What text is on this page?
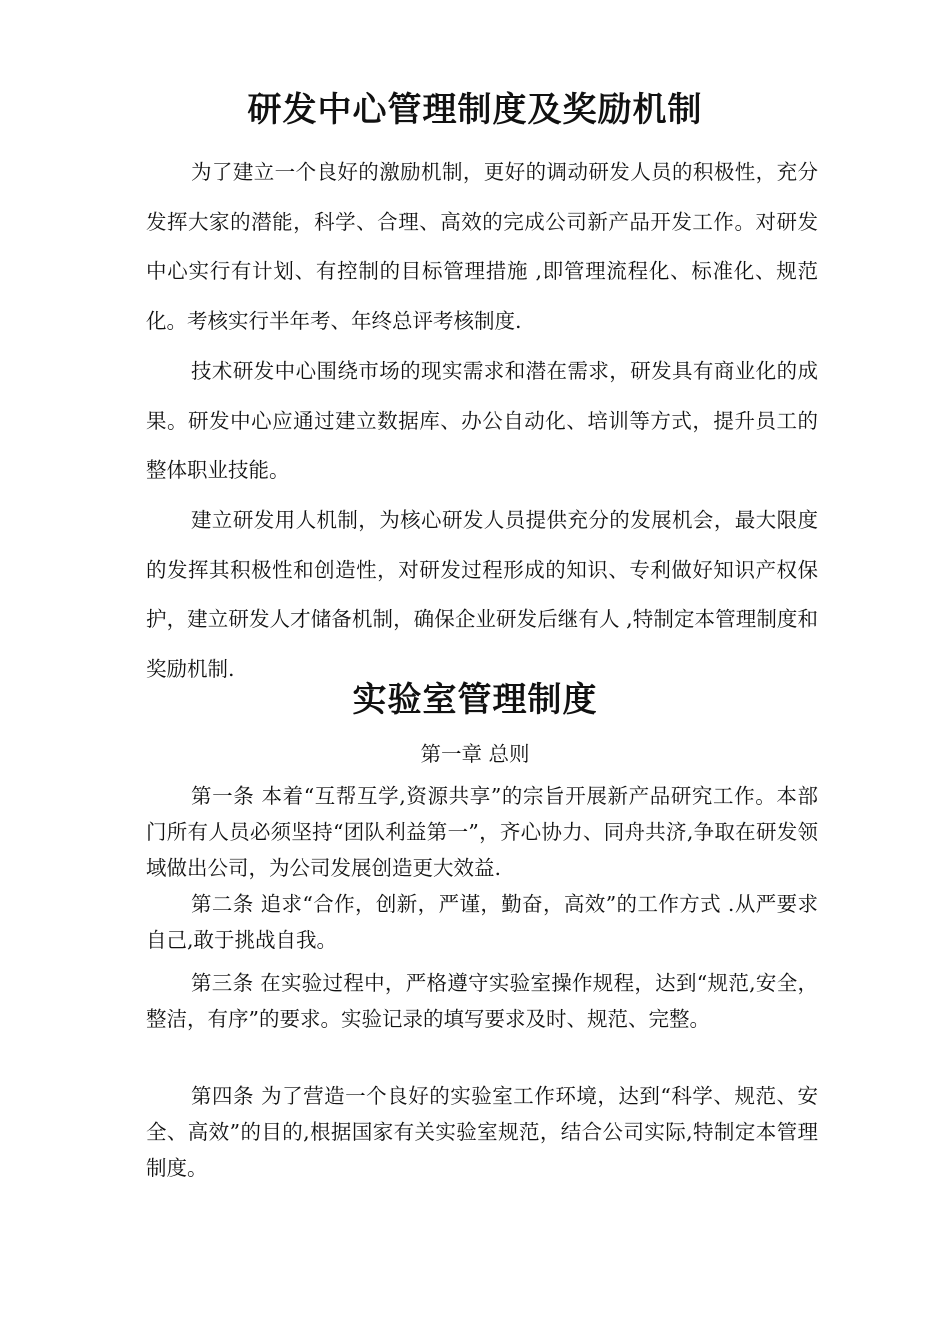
研发中心管理制度及奖励机制

为了建立一个良好的激励机制，更好的调动研发人员的积极性，充分发挥大家的潜能，科学、合理、高效的完成公司新产品开发工作。对研发中心实行有计划、有控制的目标管理措施 ,即管理流程化、标准化、规范化。考核实行半年考、年终总评考核制度.

技术研发中心围绕市场的现实需求和潜在需求，研发具有商业化的成果。研发中心应通过建立数据库、办公自动化、培训等方式，提升员工的整体职业技能。

建立研发用人机制，为核心研发人员提供充分的发展机会，最大限度的发挥其积极性和创造性，对研发过程形成的知识、专利做好知识产权保护，建立研发人才储备机制，确保企业研发后继有人 ,特制定本管理制度和奖励机制.

实验室管理制度

第一章 总则

第一条 本着“互帮互学,资源共享”的宗旨开展新产品研究工作。本部门所有人员必须坚持“团队利益第一”，齐心协力、同舟共济,争取在研发领域做出公司，为公司发展创造更大效益.

第二条 追求“合作，创新，严谨，勤奋，高效”的工作方式 .从严要求自己,敢于挑战自我。

第三条 在实验过程中，严格遵守实验室操作规程，达到“规范,安全，整洁，有序”的要求。实验记录的填写要求及时、规范、完整。

第四条 为了营造一个良好的实验室工作环境，达到“科学、规范、安全、高效”的目的,根据国家有关实验室规范，结合公司实际,特制定本管理制度。
